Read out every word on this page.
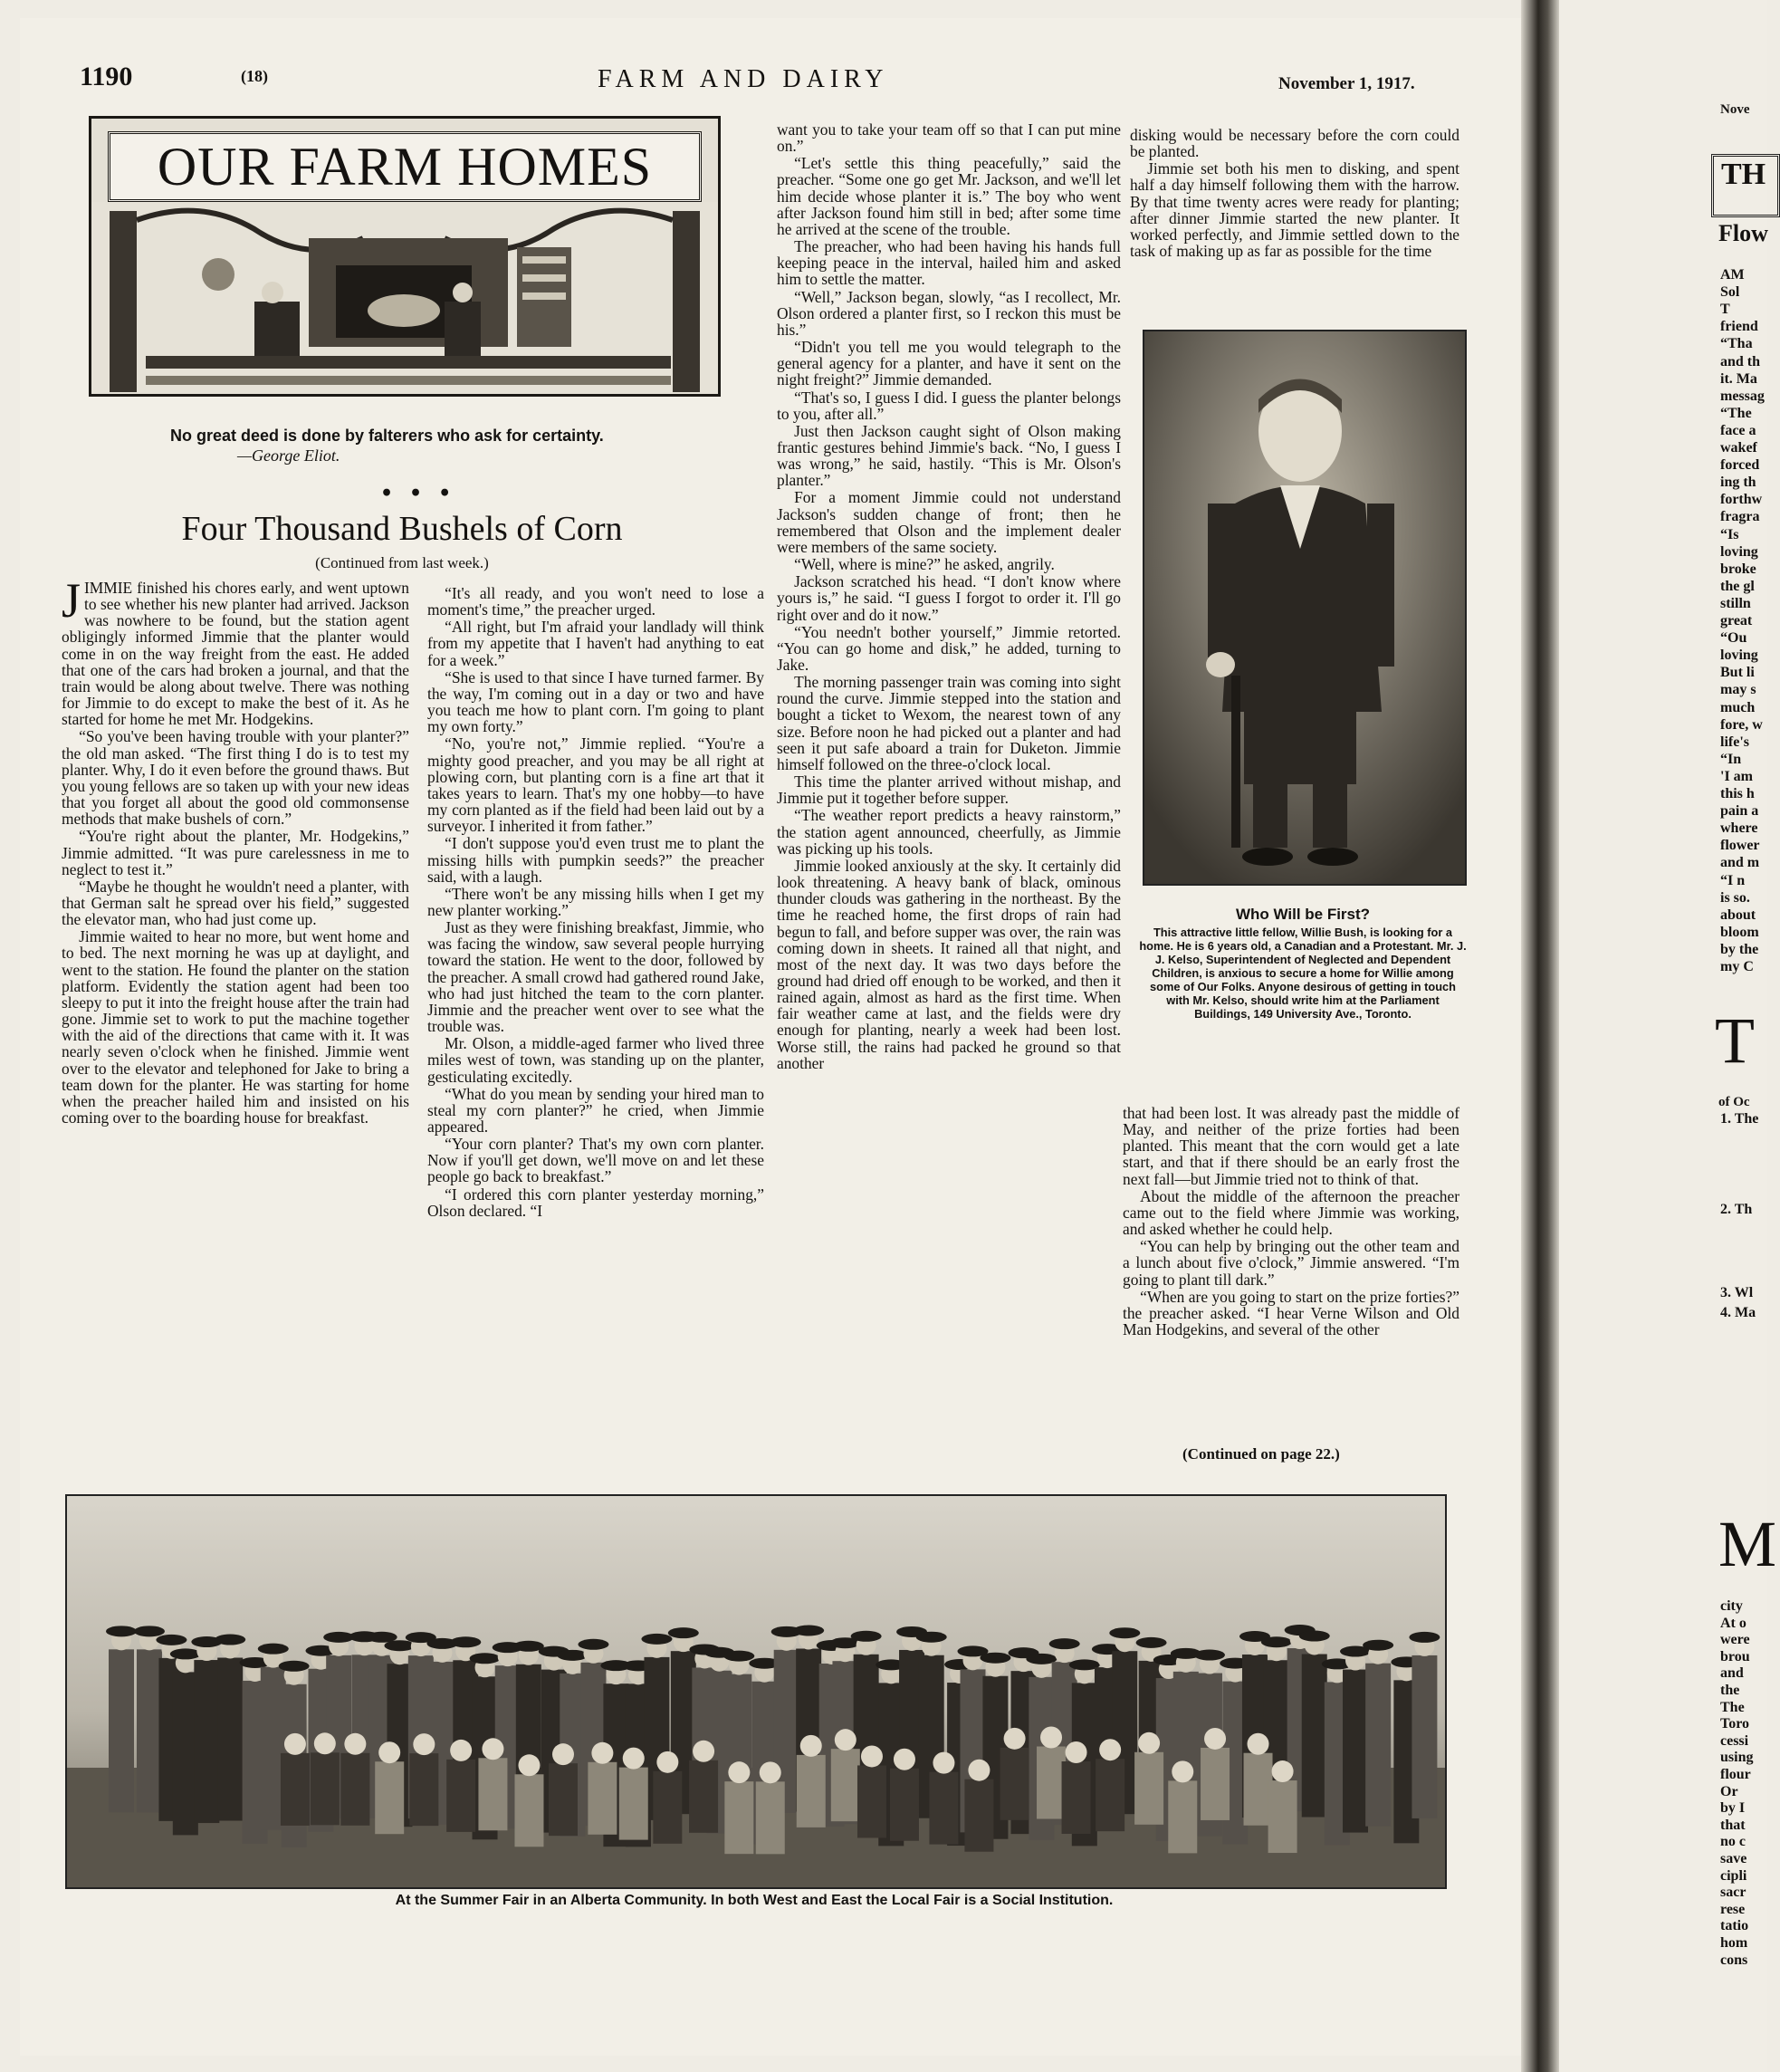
1190	(18)	FARM AND DAIRY	November 1, 1917.
OUR FARM HOMES
No great deed is done by falterers who ask for certainty.
—George Eliot.
•••
Four Thousand Bushels of Corn
(Continued from last week.)

JIMMIE finished his chores early, and went uptown to see whether his new planter had arrived. Jackson was nowhere to be found, but the station agent obligingly informed Jimmie that the planter would come in on the way freight from the east. He added that one of the cars had broken a journal, and that the train would be along about twelve. There was nothing for Jimmie to do except to make the best of it. As he started for home he met Mr. Hodgekins.

“So you've been having trouble with your planter?” the old man asked. “The first thing I do is to test my planter. Why, I do it even before the ground thaws. But you young fellows are so taken up with your new ideas that you forget all about the good old commonsense methods that make bushels of corn.”

“You're right about the planter, Mr. Hodgekins,” Jimmie admitted. “It was pure carelessness in me to neglect to test it.”

“Maybe he thought he wouldn't need a planter, with that German salt he spread over his field,” suggested the elevator man, who had just come up.

Jimmie waited to hear no more, but went home and to bed. The next morning he was up at daylight, and went to the station. He found the planter on the station platform. Evidently the station agent had been too sleepy to put it into the freight house after the train had gone. Jimmie set to work to put the machine together with the aid of the directions that came with it. It was nearly seven o'clock when he finished. Jimmie went over to the elevator and telephoned for Jake to bring a team down for the planter. He was starting for home when the preacher hailed him and insisted on his coming over to the boarding house for breakfast.

“It's all ready, and you won't need to lose a moment's time,” the preacher urged.

“All right, but I'm afraid your landlady will think from my appetite that I haven't had anything to eat for a week.”

“She is used to that since I have turned farmer. By the way, I'm coming out in a day or two and have you teach me how to plant corn. I'm going to plant my own forty.”

“No, you're not,” Jimmie replied. “You're a mighty good preacher, and you may be all right at plowing corn, but planting corn is a fine art that it takes years to learn. That's my one hobby—to have my corn planted as if the field had been laid out by a surveyor. I inherited it from father.”

“I don't suppose you'd even trust me to plant the missing hills with pumpkin seeds?” the preacher said, with a laugh.

“There won't be any missing hills when I get my new planter working.”

Just as they were finishing breakfast, Jimmie, who was facing the window, saw several people hurrying toward the station. He went to the door, followed by the preacher. A small crowd had gathered round Jake, who had just hitched the team to the corn planter. Jimmie and the preacher went over to see what the trouble was.

Mr. Olson, a middle-aged farmer who lived three miles west of town, was standing up on the planter, gesticulating excitedly.

“What do you mean by sending your hired man to steal my corn planter?” he cried, when Jimmie appeared.

“Your corn planter? That's my own corn planter. Now if you'll get down, we'll move on and let these people go back to breakfast.”

“I ordered this corn planter yesterday morning,” Olson declared. “I

want you to take your team off so that I can put mine on.”

“Let's settle this thing peacefully,” said the preacher. “Some one go get Mr. Jackson, and we'll let him decide whose planter it is.” The boy who went after Jackson found him still in bed; after some time he arrived at the scene of the trouble.

The preacher, who had been having his hands full keeping peace in the interval, hailed him and asked him to settle the matter.

“Well,” Jackson began, slowly, “as I recollect, Mr. Olson ordered a planter first, so I reckon this must be his.”

“Didn't you tell me you would telegraph to the general agency for a planter, and have it sent on the night freight?” Jimmie demanded.

“That's so, I guess I did. I guess the planter belongs to you, after all.”

Just then Jackson caught sight of Olson making frantic gestures behind Jimmie's back. “No, I guess I was wrong,” he said, hastily. “This is Mr. Olson's planter.”

For a moment Jimmie could not understand Jackson's sudden change of front; then he remembered that Olson and the implement dealer were members of the same society.

“Well, where is mine?” he asked, angrily.

Jackson scratched his head. “I don't know where yours is,” he said. “I guess I forgot to order it. I'll go right over and do it now.”

“You needn't bother yourself,” Jimmie retorted. “You can go home and disk,” he added, turning to Jake.

The morning passenger train was coming into sight round the curve. Jimmie stepped into the station and bought a ticket to Wexom, the nearest town of any size. Before noon he had picked out a planter and had seen it put safe aboard a train for Duketon. Jimmie himself followed on the three-o'clock local.

This time the planter arrived without mishap, and Jimmie put it together before supper.

“The weather report predicts a heavy rainstorm,” the station agent announced, cheerfully, as Jimmie was picking up his tools.

Jimmie looked anxiously at the sky. It certainly did look threatening. A heavy bank of black, ominous thunder clouds was gathering in the northeast. By the time he reached home, the first drops of rain had begun to fall, and before supper was over, the rain was coming down in sheets. It rained all that night, and most of the next day. It was two days before the ground had dried off enough to be worked, and then it rained again, almost as hard as the first time. When fair weather came at last, and the fields were dry enough for planting, nearly a week had been lost. Worse still, the rains had packed he ground so that another

disking would be necessary before the corn could be planted.

Jimmie set both his men to disking, and spent half a day himself following them with the harrow. By that time twenty acres were ready for planting; after dinner Jimmie started the new planter. It worked perfectly, and Jimmie settled down to the task of making up as far as possible for the time

Who Will be First?
This attractive little fellow, Willie Bush, is looking for a home. He is 6 years old, a Canadian and a Protestant. Mr. J. J. Kelso, Superintendent of Neglected and Dependent Children, is anxious to secure a home for Willie among some of Our Folks. Anyone desirous of getting in touch with Mr. Kelso, should write him at the Parliament Buildings, 149 University Ave., Toronto.

that had been lost. It was already past the middle of May, and neither of the prize forties had been planted. This meant that the corn would get a late start, and that if there should be an early frost the next fall—but Jimmie tried not to think of that.

About the middle of the afternoon the preacher came out to the field where Jimmie was working, and asked whether he could help.

“You can help by bringing out the other team and a lunch about five o'clock,” Jimmie answered. “I'm going to plant till dark.”

“When are you going to start on the prize forties?” the preacher asked. “I hear Verne Wilson and Old Man Hodgekins, and several of the other

(Continued on page 22.)
At the Summer Fair in an Alberta Community. In both West and East the Local Fair is a Social Institution.
Nove
TH
Flow
AM
Sol
T
friend
“Tha
and th
it. Ma
messag
“The
face a
wakef
forced
ing th
forthw
fragra
“Is
loving
broke
the gl
stilln
great
“Ou
loving
But li
may s
much
fore, w
life's
“In
'I am
this h
pain a
where
flower
and m
“I n
is so.
about
bloom
by the
my C
T
of Oc
1. The
2. Th
3. Wl
4. Ma
M
city
At o
were
brou
and
the
The
Toro
cessi
using
flour
Or
by I
that
no c
save
cipli
sacr
rese
tatio
hom
cons
